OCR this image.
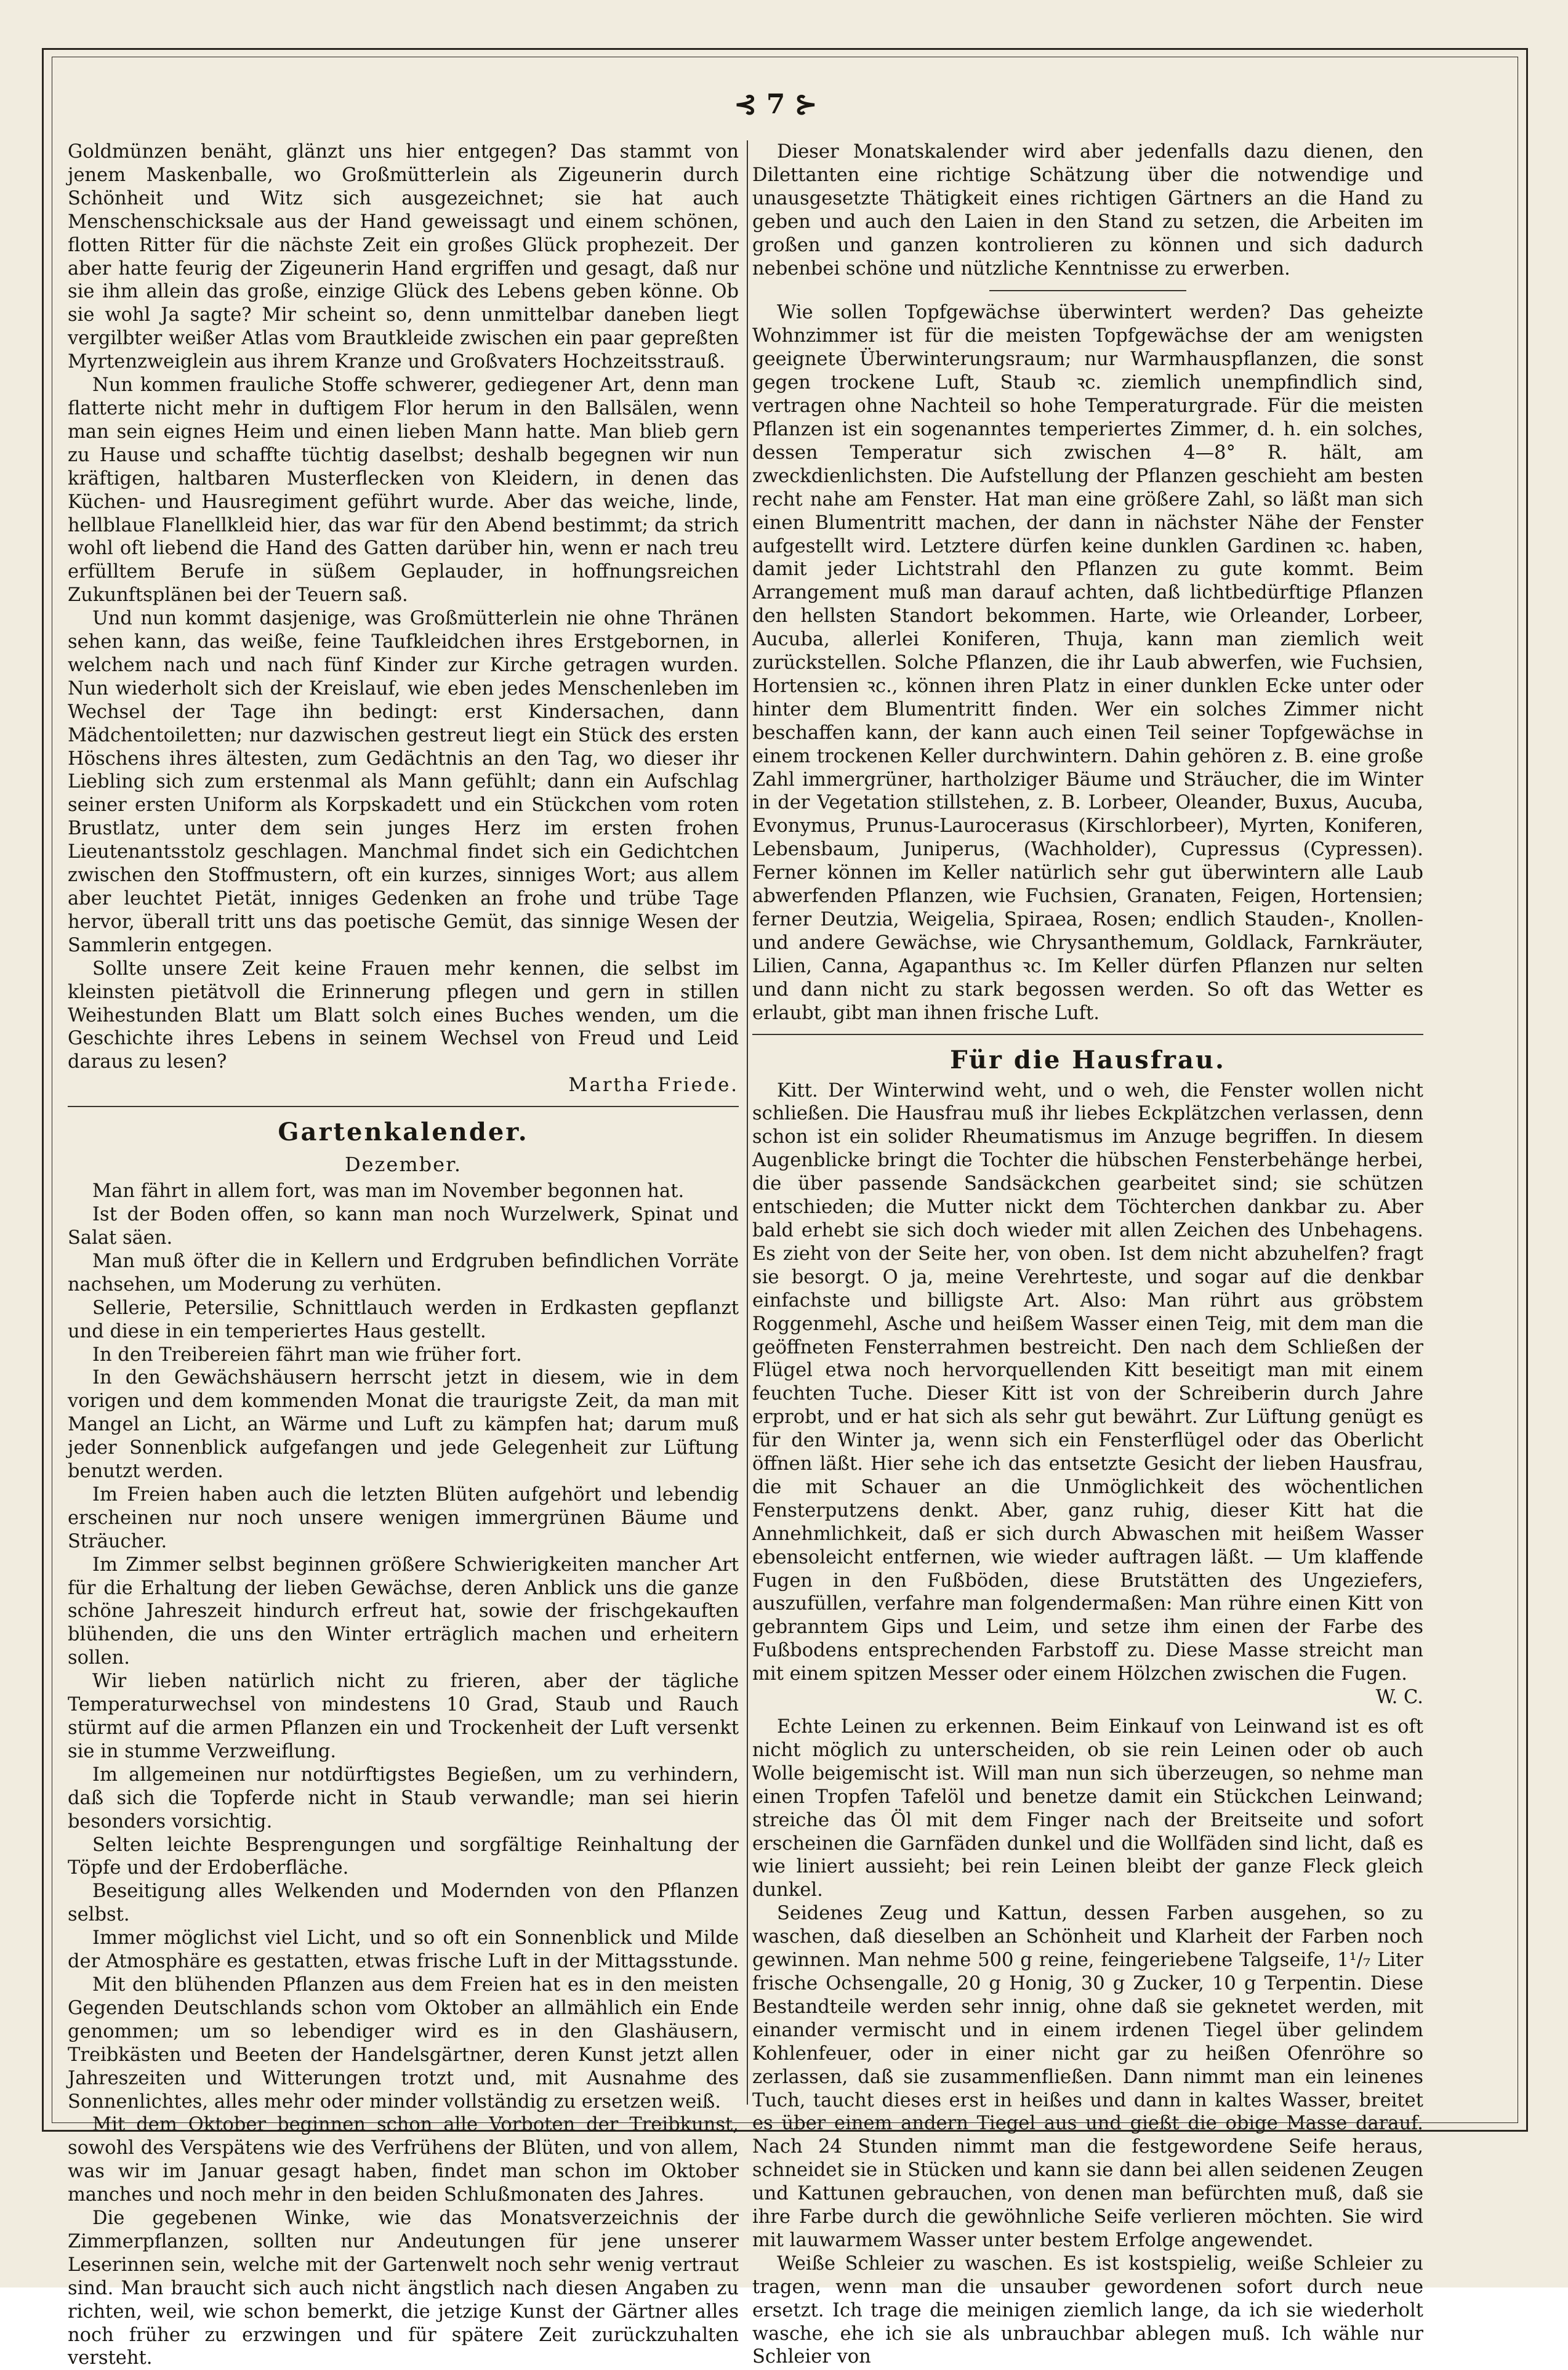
⊰ 7 ⊱

Goldmünzen benäht, glänzt uns hier entgegen? Das stammt von jenem Maskenballe, wo Großmütterlein als Zigeunerin durch Schönheit und Witz sich ausgezeichnet; sie hat auch Menschenschicksale aus der Hand geweissagt und einem schönen, flotten Ritter für die nächste Zeit ein großes Glück prophezeit. Der aber hatte feurig der Zigeunerin Hand ergriffen und gesagt, daß nur sie ihm allein das große, einzige Glück des Lebens geben könne. Ob sie wohl Ja sagte? Mir scheint so, denn unmittelbar daneben liegt vergilbter weißer Atlas vom Brautkleide zwischen ein paar gepreßten Myrtenzweiglein aus ihrem Kranze und Großvaters Hochzeitsstrauß.

Nun kommen frauliche Stoffe schwerer, gediegener Art, denn man flatterte nicht mehr in duftigem Flor herum in den Ballsälen, wenn man sein eignes Heim und einen lieben Mann hatte. Man blieb gern zu Hause und schaffte tüchtig daselbst; deshalb begegnen wir nun kräftigen, haltbaren Musterflecken von Kleidern, in denen das Küchen- und Hausregiment geführt wurde. Aber das weiche, linde, hellblaue Flanellkleid hier, das war für den Abend bestimmt; da strich wohl oft liebend die Hand des Gatten darüber hin, wenn er nach treu erfülltem Berufe in süßem Geplauder, in hoffnungsreichen Zukunftsplänen bei der Teuern saß.

Und nun kommt dasjenige, was Großmütterlein nie ohne Thränen sehen kann, das weiße, feine Taufkleidchen ihres Erstgebornen, in welchem nach und nach fünf Kinder zur Kirche getragen wurden. Nun wiederholt sich der Kreislauf, wie eben jedes Menschenleben im Wechsel der Tage ihn bedingt: erst Kindersachen, dann Mädchentoiletten; nur dazwischen gestreut liegt ein Stück des ersten Höschens ihres ältesten, zum Gedächtnis an den Tag, wo dieser ihr Liebling sich zum erstenmal als Mann gefühlt; dann ein Aufschlag seiner ersten Uniform als Korpskadett und ein Stückchen vom roten Brustlatz, unter dem sein junges Herz im ersten frohen Lieutenantsstolz geschlagen. Manchmal findet sich ein Gedichtchen zwischen den Stoffmustern, oft ein kurzes, sinniges Wort; aus allem aber leuchtet Pietät, inniges Gedenken an frohe und trübe Tage hervor, überall tritt uns das poetische Gemüt, das sinnige Wesen der Sammlerin entgegen.

Sollte unsere Zeit keine Frauen mehr kennen, die selbst im kleinsten pietätvoll die Erinnerung pflegen und gern in stillen Weihestunden Blatt um Blatt solch eines Buches wenden, um die Geschichte ihres Lebens in seinem Wechsel von Freud und Leid daraus zu lesen?

Martha Friede.

Gartenkalender.
Dezember.

Man fährt in allem fort, was man im November begonnen hat.

Ist der Boden offen, so kann man noch Wurzelwerk, Spinat und Salat säen.

Man muß öfter die in Kellern und Erdgruben befindlichen Vorräte nachsehen, um Moderung zu verhüten.

Sellerie, Petersilie, Schnittlauch werden in Erdkasten gepflanzt und diese in ein temperiertes Haus gestellt.

In den Treibereien fährt man wie früher fort.

In den Gewächshäusern herrscht jetzt in diesem, wie in dem vorigen und dem kommenden Monat die traurigste Zeit, da man mit Mangel an Licht, an Wärme und Luft zu kämpfen hat; darum muß jeder Sonnenblick aufgefangen und jede Gelegenheit zur Lüftung benutzt werden.

Im Freien haben auch die letzten Blüten aufgehört und lebendig erscheinen nur noch unsere wenigen immergrünen Bäume und Sträucher.

Im Zimmer selbst beginnen größere Schwierigkeiten mancher Art für die Erhaltung der lieben Gewächse, deren Anblick uns die ganze schöne Jahreszeit hindurch erfreut hat, sowie der frischgekauften blühenden, die uns den Winter erträglich machen und erheitern sollen.

Wir lieben natürlich nicht zu frieren, aber der tägliche Temperaturwechsel von mindestens 10 Grad, Staub und Rauch stürmt auf die armen Pflanzen ein und Trockenheit der Luft versenkt sie in stumme Verzweiflung.

Im allgemeinen nur notdürftigstes Begießen, um zu verhindern, daß sich die Topferde nicht in Staub verwandle; man sei hierin besonders vorsichtig.

Selten leichte Besprengungen und sorgfältige Reinhaltung der Töpfe und der Erdoberfläche.

Beseitigung alles Welkenden und Modernden von den Pflanzen selbst.

Immer möglichst viel Licht, und so oft ein Sonnenblick und Milde der Atmosphäre es gestatten, etwas frische Luft in der Mittagsstunde.

Mit den blühenden Pflanzen aus dem Freien hat es in den meisten Gegenden Deutschlands schon vom Oktober an allmählich ein Ende genommen; um so lebendiger wird es in den Glashäusern, Treibkästen und Beeten der Handelsgärtner, deren Kunst jetzt allen Jahreszeiten und Witterungen trotzt und, mit Ausnahme des Sonnenlichtes, alles mehr oder minder vollständig zu ersetzen weiß.

Mit dem Oktober beginnen schon alle Vorboten der Treibkunst, sowohl des Verspätens wie des Verfrühens der Blüten, und von allem, was wir im Januar gesagt haben, findet man schon im Oktober manches und noch mehr in den beiden Schlußmonaten des Jahres.

Die gegebenen Winke, wie das Monatsverzeichnis der Zimmerpflanzen, sollten nur Andeutungen für jene unserer Leserinnen sein, welche mit der Gartenwelt noch sehr wenig vertraut sind. Man braucht sich auch nicht ängstlich nach diesen Angaben zu richten, weil, wie schon bemerkt, die jetzige Kunst der Gärtner alles noch früher zu erzwingen und für spätere Zeit zurückzuhalten versteht.

Dieser Monatskalender wird aber jedenfalls dazu dienen, den Dilettanten eine richtige Schätzung über die notwendige und unausgesetzte Thätigkeit eines richtigen Gärtners an die Hand zu geben und auch den Laien in den Stand zu setzen, die Arbeiten im großen und ganzen kontrolieren zu können und sich dadurch nebenbei schöne und nützliche Kenntnisse zu erwerben.

Wie sollen Topfgewächse überwintert werden? Das geheizte Wohnzimmer ist für die meisten Topfgewächse der am wenigsten geeignete Überwinterungsraum; nur Warmhauspflanzen, die sonst gegen trockene Luft, Staub ꝛc. ziemlich unempfindlich sind, vertragen ohne Nachteil so hohe Temperaturgrade. Für die meisten Pflanzen ist ein sogenanntes temperiertes Zimmer, d. h. ein solches, dessen Temperatur sich zwischen 4—8° R. hält, am zweckdienlichsten. Die Aufstellung der Pflanzen geschieht am besten recht nahe am Fenster. Hat man eine größere Zahl, so läßt man sich einen Blumentritt machen, der dann in nächster Nähe der Fenster aufgestellt wird. Letztere dürfen keine dunklen Gardinen ꝛc. haben, damit jeder Lichtstrahl den Pflanzen zu gute kommt. Beim Arrangement muß man darauf achten, daß lichtbedürftige Pflanzen den hellsten Standort bekommen. Harte, wie Orleander, Lorbeer, Aucuba, allerlei Koniferen, Thuja, kann man ziemlich weit zurückstellen. Solche Pflanzen, die ihr Laub abwerfen, wie Fuchsien, Hortensien ꝛc., können ihren Platz in einer dunklen Ecke unter oder hinter dem Blumentritt finden. Wer ein solches Zimmer nicht beschaffen kann, der kann auch einen Teil seiner Topfgewächse in einem trockenen Keller durchwintern. Dahin gehören z. B. eine große Zahl immergrüner, hartholziger Bäume und Sträucher, die im Winter in der Vegetation stillstehen, z. B. Lorbeer, Oleander, Buxus, Aucuba, Evonymus, Prunus-Laurocerasus (Kirschlorbeer), Myrten, Koniferen, Lebensbaum, Juniperus, (Wachholder), Cupressus (Cypressen). Ferner können im Keller natürlich sehr gut überwintern alle Laub abwerfenden Pflanzen, wie Fuchsien, Granaten, Feigen, Hortensien; ferner Deutzia, Weigelia, Spiraea, Rosen; endlich Stauden-, Knollen- und andere Gewächse, wie Chrysanthemum, Goldlack, Farnkräuter, Lilien, Canna, Agapanthus ꝛc. Im Keller dürfen Pflanzen nur selten und dann nicht zu stark begossen werden. So oft das Wetter es erlaubt, gibt man ihnen frische Luft.

Für die Hausfrau.

Kitt. Der Winterwind weht, und o weh, die Fenster wollen nicht schließen. Die Hausfrau muß ihr liebes Eckplätzchen verlassen, denn schon ist ein solider Rheumatismus im Anzuge begriffen. In diesem Augenblicke bringt die Tochter die hübschen Fensterbehänge herbei, die über passende Sandsäckchen gearbeitet sind; sie schützen entschieden; die Mutter nickt dem Töchterchen dankbar zu. Aber bald erhebt sie sich doch wieder mit allen Zeichen des Unbehagens. Es zieht von der Seite her, von oben. Ist dem nicht abzuhelfen? fragt sie besorgt. O ja, meine Verehrteste, und sogar auf die denkbar einfachste und billigste Art. Also: Man rührt aus gröbstem Roggenmehl, Asche und heißem Wasser einen Teig, mit dem man die geöffneten Fensterrahmen bestreicht. Den nach dem Schließen der Flügel etwa noch hervorquellenden Kitt beseitigt man mit einem feuchten Tuche. Dieser Kitt ist von der Schreiberin durch Jahre erprobt, und er hat sich als sehr gut bewährt. Zur Lüftung genügt es für den Winter ja, wenn sich ein Fensterflügel oder das Oberlicht öffnen läßt. Hier sehe ich das entsetzte Gesicht der lieben Hausfrau, die mit Schauer an die Unmöglichkeit des wöchentlichen Fensterputzens denkt. Aber, ganz ruhig, dieser Kitt hat die Annehmlichkeit, daß er sich durch Abwaschen mit heißem Wasser ebensoleicht entfernen, wie wieder auftragen läßt. — Um klaffende Fugen in den Fußböden, diese Brutstätten des Ungeziefers, auszufüllen, verfahre man folgendermaßen: Man rühre einen Kitt von gebranntem Gips und Leim, und setze ihm einen der Farbe des Fußbodens entsprechenden Farbstoff zu. Diese Masse streicht man mit einem spitzen Messer oder einem Hölzchen zwischen die Fugen.

W. C.

Echte Leinen zu erkennen. Beim Einkauf von Leinwand ist es oft nicht möglich zu unterscheiden, ob sie rein Leinen oder ob auch Wolle beigemischt ist. Will man nun sich überzeugen, so nehme man einen Tropfen Tafelöl und benetze damit ein Stückchen Leinwand; streiche das Öl mit dem Finger nach der Breitseite und sofort erscheinen die Garnfäden dunkel und die Wollfäden sind licht, daß es wie liniert aussieht; bei rein Leinen bleibt der ganze Fleck gleich dunkel.

Seidenes Zeug und Kattun, dessen Farben ausgehen, so zu waschen, daß dieselben an Schönheit und Klarheit der Farben noch gewinnen. Man nehme 500 g reine, feingeriebene Talgseife, 1¹/₇ Liter frische Ochsengalle, 20 g Honig, 30 g Zucker, 10 g Terpentin. Diese Bestandteile werden sehr innig, ohne daß sie geknetet werden, mit einander vermischt und in einem irdenen Tiegel über gelindem Kohlenfeuer, oder in einer nicht gar zu heißen Ofenröhre so zerlassen, daß sie zusammenfließen. Dann nimmt man ein leinenes Tuch, taucht dieses erst in heißes und dann in kaltes Wasser, breitet es über einem andern Tiegel aus und gießt die obige Masse darauf. Nach 24 Stunden nimmt man die festgewordene Seife heraus, schneidet sie in Stücken und kann sie dann bei allen seidenen Zeugen und Kattunen gebrauchen, von denen man befürchten muß, daß sie ihre Farbe durch die gewöhnliche Seife verlieren möchten. Sie wird mit lauwarmem Wasser unter bestem Erfolge angewendet.

Weiße Schleier zu waschen. Es ist kostspielig, weiße Schleier zu tragen, wenn man die unsauber gewordenen sofort durch neue ersetzt. Ich trage die meinigen ziemlich lange, da ich sie wiederholt wasche, ehe ich sie als unbrauchbar ablegen muß. Ich wähle nur Schleier von
